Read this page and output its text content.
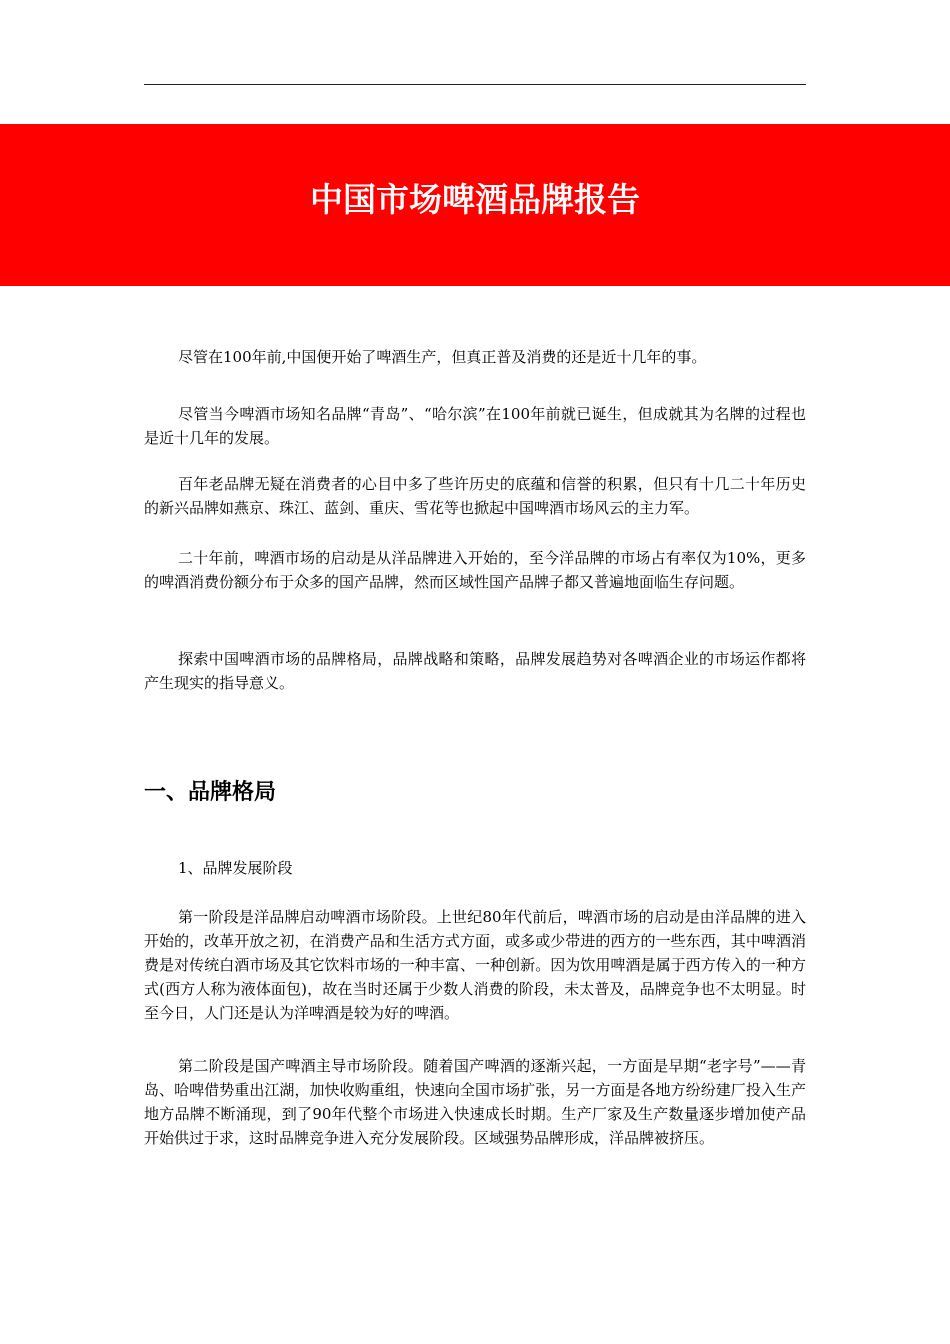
中国市场啤酒品牌报告

尽管在100年前,中国便开始了啤酒生产，但真正普及消费的还是近十几年的事。

尽管当今啤酒市场知名品牌“青岛”、“哈尔滨”在100年前就已诞生，但成就其为名牌的过程也是近十几年的发展。

百年老品牌无疑在消费者的心目中多了些许历史的底蕴和信誉的积累，但只有十几二十年历史的新兴品牌如燕京、珠江、蓝剑、重庆、雪花等也掀起中国啤酒市场风云的主力军。

二十年前，啤酒市场的启动是从洋品牌进入开始的，至今洋品牌的市场占有率仅为10%，更多的啤酒消费份额分布于众多的国产品牌，然而区域性国产品牌子都又普遍地面临生存问题。

探索中国啤酒市场的品牌格局，品牌战略和策略，品牌发展趋势对各啤酒企业的市场运作都将产生现实的指导意义。

一、品牌格局

1、品牌发展阶段

第一阶段是洋品牌启动啤酒市场阶段。上世纪80年代前后，啤酒市场的启动是由洋品牌的进入开始的，改革开放之初，在消费产品和生活方式方面，或多或少带进的西方的一些东西，其中啤酒消费是对传统白酒市场及其它饮料市场的一种丰富、一种创新。因为饮用啤酒是属于西方传入的一种方式(西方人称为液体面包)，故在当时还属于少数人消费的阶段，未太普及，品牌竞争也不太明显。时至今日，人门还是认为洋啤酒是较为好的啤酒。

第二阶段是国产啤酒主导市场阶段。随着国产啤酒的逐渐兴起，一方面是早期“老字号”——青岛、哈啤借势重出江湖，加快收购重组，快速向全国市场扩张，另一方面是各地方纷纷建厂投入生产地方品牌不断涌现，到了90年代整个市场进入快速成长时期。生产厂家及生产数量逐步增加使产品开始供过于求，这时品牌竞争进入充分发展阶段。区域强势品牌形成，洋品牌被挤压。
